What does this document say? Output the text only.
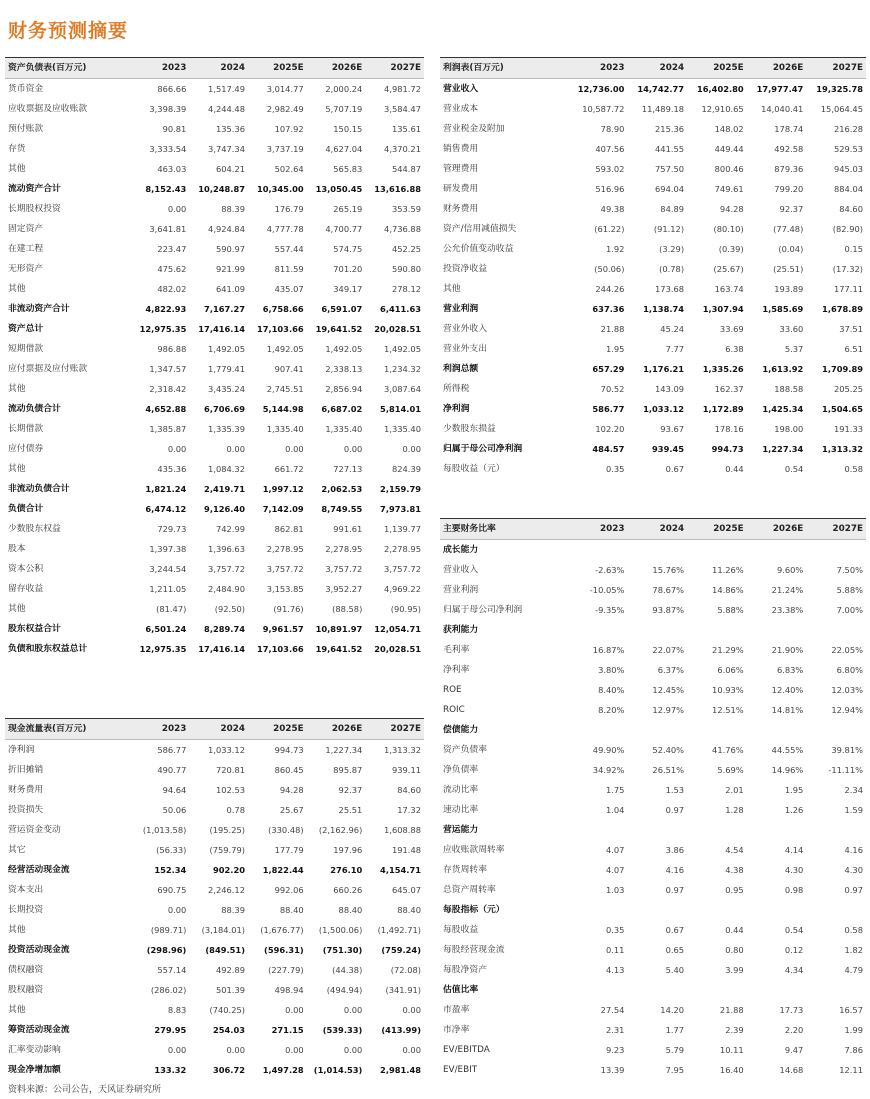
财务预测摘要
资产负债表(百万元)	2023	2024	2025E	2026E	2027E
货币资金	866.66	1,517.49	3,014.77	2,000.24	4,981.72
应收票据及应收账款	3,398.39	4,244.48	2,982.49	5,707.19	3,584.47
预付账款	90.81	135.36	107.92	150.15	135.61
存货	3,333.54	3,747.34	3,737.19	4,627.04	4,370.21
其他	463.03	604.21	502.64	565.83	544.87
流动资产合计	8,152.43	10,248.87	10,345.00	13,050.45	13,616.88
长期股权投资	0.00	88.39	176.79	265.19	353.59
固定资产	3,641.81	4,924.84	4,777.78	4,700.77	4,736.88
在建工程	223.47	590.97	557.44	574.75	452.25
无形资产	475.62	921.99	811.59	701.20	590.80
其他	482.02	641.09	435.07	349.17	278.12
非流动资产合计	4,822.93	7,167.27	6,758.66	6,591.07	6,411.63
资产总计	12,975.35	17,416.14	17,103.66	19,641.52	20,028.51
短期借款	986.88	1,492.05	1,492.05	1,492.05	1,492.05
应付票据及应付账款	1,347.57	1,779.41	907.41	2,338.13	1,234.32
其他	2,318.42	3,435.24	2,745.51	2,856.94	3,087.64
流动负债合计	4,652.88	6,706.69	5,144.98	6,687.02	5,814.01
长期借款	1,385.87	1,335.39	1,335.40	1,335.40	1,335.40
应付债券	0.00	0.00	0.00	0.00	0.00
其他	435.36	1,084.32	661.72	727.13	824.39
非流动负债合计	1,821.24	2,419.71	1,997.12	2,062.53	2,159.79
负债合计	6,474.12	9,126.40	7,142.09	8,749.55	7,973.81
少数股东权益	729.73	742.99	862.81	991.61	1,139.77
股本	1,397.38	1,396.63	2,278.95	2,278.95	2,278.95
资本公积	3,244.54	3,757.72	3,757.72	3,757.72	3,757.72
留存收益	1,211.05	2,484.90	3,153.85	3,952.27	4,969.22
其他	(81.47)	(92.50)	(91.76)	(88.58)	(90.95)
股东权益合计	6,501.24	8,289.74	9,961.57	10,891.97	12,054.71
负债和股东权益总计	12,975.35	17,416.14	17,103.66	19,641.52	20,028.51
利润表(百万元)	2023	2024	2025E	2026E	2027E
营业收入	12,736.00	14,742.77	16,402.80	17,977.47	19,325.78
营业成本	10,587.72	11,489.18	12,910.65	14,040.41	15,064.45
营业税金及附加	78.90	215.36	148.02	178.74	216.28
销售费用	407.56	441.55	449.44	492.58	529.53
管理费用	593.02	757.50	800.46	879.36	945.03
研发费用	516.96	694.04	749.61	799.20	884.04
财务费用	49.38	84.89	94.28	92.37	84.60
资产/信用减值损失	(61.22)	(91.12)	(80.10)	(77.48)	(82.90)
公允价值变动收益	1.92	(3.29)	(0.39)	(0.04)	0.15
投资净收益	(50.06)	(0.78)	(25.67)	(25.51)	(17.32)
其他	244.26	173.68	163.74	193.89	177.11
营业利润	637.36	1,138.74	1,307.94	1,585.69	1,678.89
营业外收入	21.88	45.24	33.69	33.60	37.51
营业外支出	1.95	7.77	6.38	5.37	6.51
利润总额	657.29	1,176.21	1,335.26	1,613.92	1,709.89
所得税	70.52	143.09	162.37	188.58	205.25
净利润	586.77	1,033.12	1,172.89	1,425.34	1,504.65
少数股东损益	102.20	93.67	178.16	198.00	191.33
归属于母公司净利润	484.57	939.45	994.73	1,227.34	1,313.32
每股收益（元）	0.35	0.67	0.44	0.54	0.58
现金流量表(百万元)	2023	2024	2025E	2026E	2027E
净利润	586.77	1,033.12	994.73	1,227.34	1,313.32
折旧摊销	490.77	720.81	860.45	895.87	939.11
财务费用	94.64	102.53	94.28	92.37	84.60
投资损失	50.06	0.78	25.67	25.51	17.32
营运资金变动	(1,013.58)	(195.25)	(330.48)	(2,162.96)	1,608.88
其它	(56.33)	(759.79)	177.79	197.96	191.48
经营活动现金流	152.34	902.20	1,822.44	276.10	4,154.71
资本支出	690.75	2,246.12	992.06	660.26	645.07
长期投资	0.00	88.39	88.40	88.40	88.40
其他	(989.71)	(3,184.01)	(1,676.77)	(1,500.06)	(1,492.71)
投资活动现金流	(298.96)	(849.51)	(596.31)	(751.30)	(759.24)
债权融资	557.14	492.89	(227.79)	(44.38)	(72.08)
股权融资	(286.02)	501.39	498.94	(494.94)	(341.91)
其他	8.83	(740.25)	0.00	0.00	0.00
筹资活动现金流	279.95	254.03	271.15	(539.33)	(413.99)
汇率变动影响	0.00	0.00	0.00	0.00	0.00
现金净增加额	133.32	306.72	1,497.28	(1,014.53)	2,981.48
主要财务比率	2023	2024	2025E	2026E	2027E
成长能力					
营业收入	-2.63%	15.76%	11.26%	9.60%	7.50%
营业利润	-10.05%	78.67%	14.86%	21.24%	5.88%
归属于母公司净利润	-9.35%	93.87%	5.88%	23.38%	7.00%
获利能力					
毛利率	16.87%	22.07%	21.29%	21.90%	22.05%
净利率	3.80%	6.37%	6.06%	6.83%	6.80%
ROE	8.40%	12.45%	10.93%	12.40%	12.03%
ROIC	8.20%	12.97%	12.51%	14.81%	12.94%
偿债能力					
资产负债率	49.90%	52.40%	41.76%	44.55%	39.81%
净负债率	34.92%	26.51%	5.69%	14.96%	-11.11%
流动比率	1.75	1.53	2.01	1.95	2.34
速动比率	1.04	0.97	1.28	1.26	1.59
营运能力					
应收账款周转率	4.07	3.86	4.54	4.14	4.16
存货周转率	4.07	4.16	4.38	4.30	4.30
总资产周转率	1.03	0.97	0.95	0.98	0.97
每股指标（元）					
每股收益	0.35	0.67	0.44	0.54	0.58
每股经营现金流	0.11	0.65	0.80	0.12	1.82
每股净资产	4.13	5.40	3.99	4.34	4.79
估值比率					
市盈率	27.54	14.20	21.88	17.73	16.57
市净率	2.31	1.77	2.39	2.20	1.99
EV/EBITDA	9.23	5.79	10.11	9.47	7.86
EV/EBIT	13.39	7.95	16.40	14.68	12.11
资料来源：公司公告，天风证券研究所
